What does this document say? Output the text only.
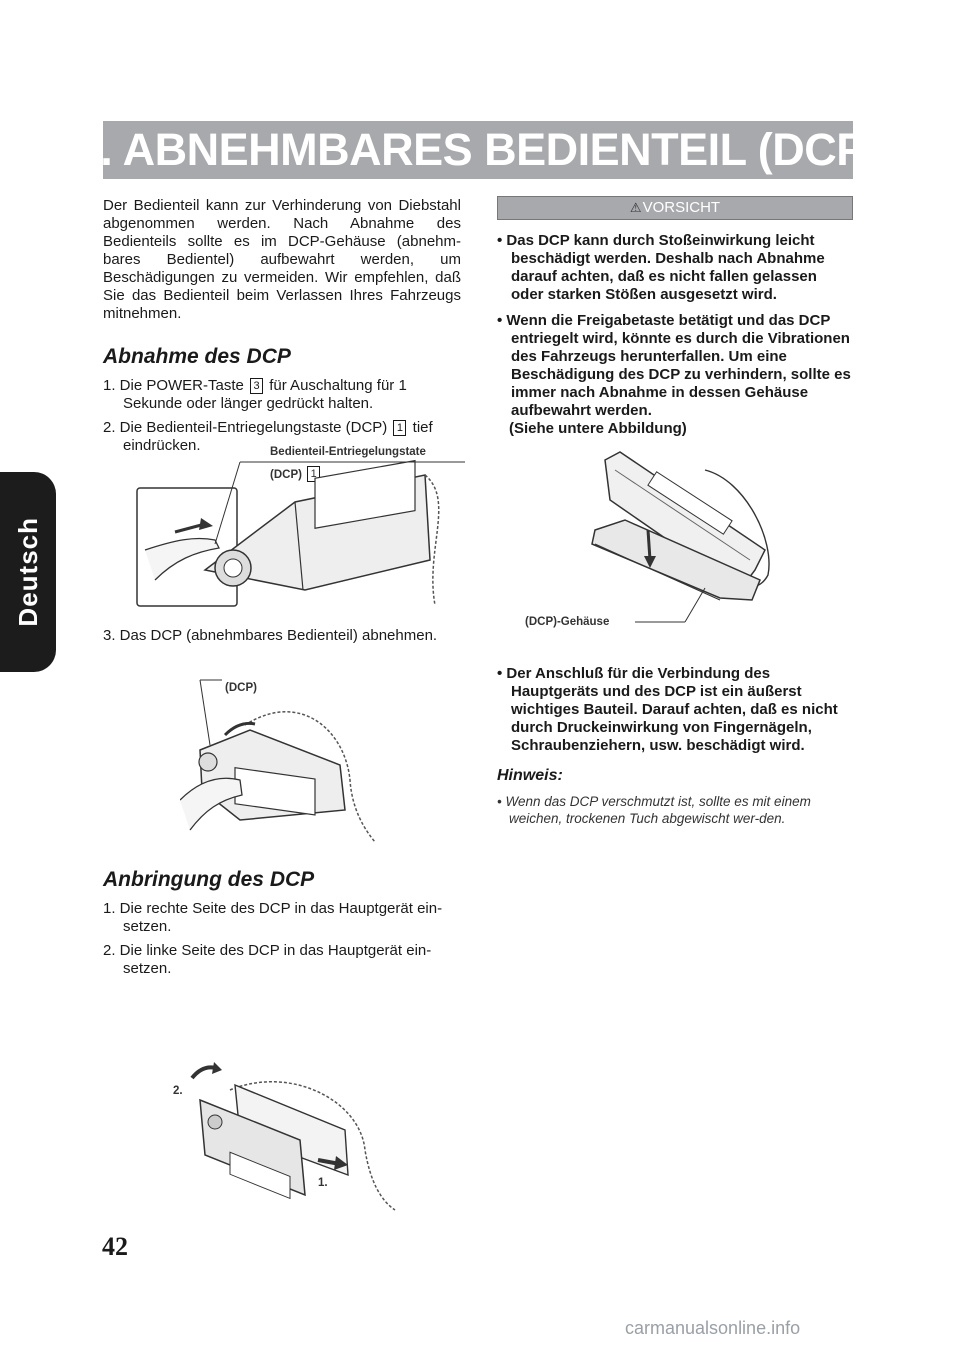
Deutsch
4. ABNEHMBARES BEDIENTEIL (DCP)

Der Bedienteil kann zur Verhinderung von Diebstahl abgenommen werden. Nach Abnahme des Bedienteils sollte es im DCP-Gehäuse (abnehm-bares Bedientel) aufbewahrt werden, um Beschädigungen zu vermeiden. Wir empfehlen, daß Sie das Bedienteil beim Verlassen Ihres Fahrzeugs mitnehmen.

Abnahme des DCP
1. Die POWER-Taste 3 für Auschaltung für 1 Sekunde oder länger gedrückt halten.
2. Die Bedienteil-Entriegelungstaste (DCP) 1 tief eindrücken.	Bedienteil-Entriegelungstate
(DCP) 1
3. Das DCP (abnehmbares Bedienteil) abnehmen.
(DCP)
Anbringung des DCP
1. Die rechte Seite des DCP in das Hauptgerät ein-setzen.
2. Die linke Seite des DCP in das Hauptgerät ein-setzen.
2.
1.
⚠ VORSICHT
• Das DCP kann durch Stoßeinwirkung leicht beschädigt werden. Deshalb nach Abnahme darauf achten, daß es nicht fallen gelassen oder starken Stößen ausgesetzt wird.
• Wenn die Freigabetaste betätigt und das DCP entriegelt wird, könnte es durch die Vibrationen des Fahrzeugs herunterfallen. Um eine Beschädigung des DCP zu verhindern, sollte es immer nach Abnahme in dessen Gehäuse aufbewahrt werden.
(Siehe untere Abbildung)
(DCP)-Gehäuse
• Der Anschluß für die Verbindung des Hauptgeräts und des DCP ist ein äußerst wichtiges Bauteil. Darauf achten, daß es nicht durch Druckeinwirkung von Fingernägeln, Schraubenziehern, usw. beschädigt wird.
Hinweis:
• Wenn das DCP verschmutzt ist, sollte es mit einem weichen, trockenen Tuch abgewischt wer-den.
42
carmanualsonline.info
